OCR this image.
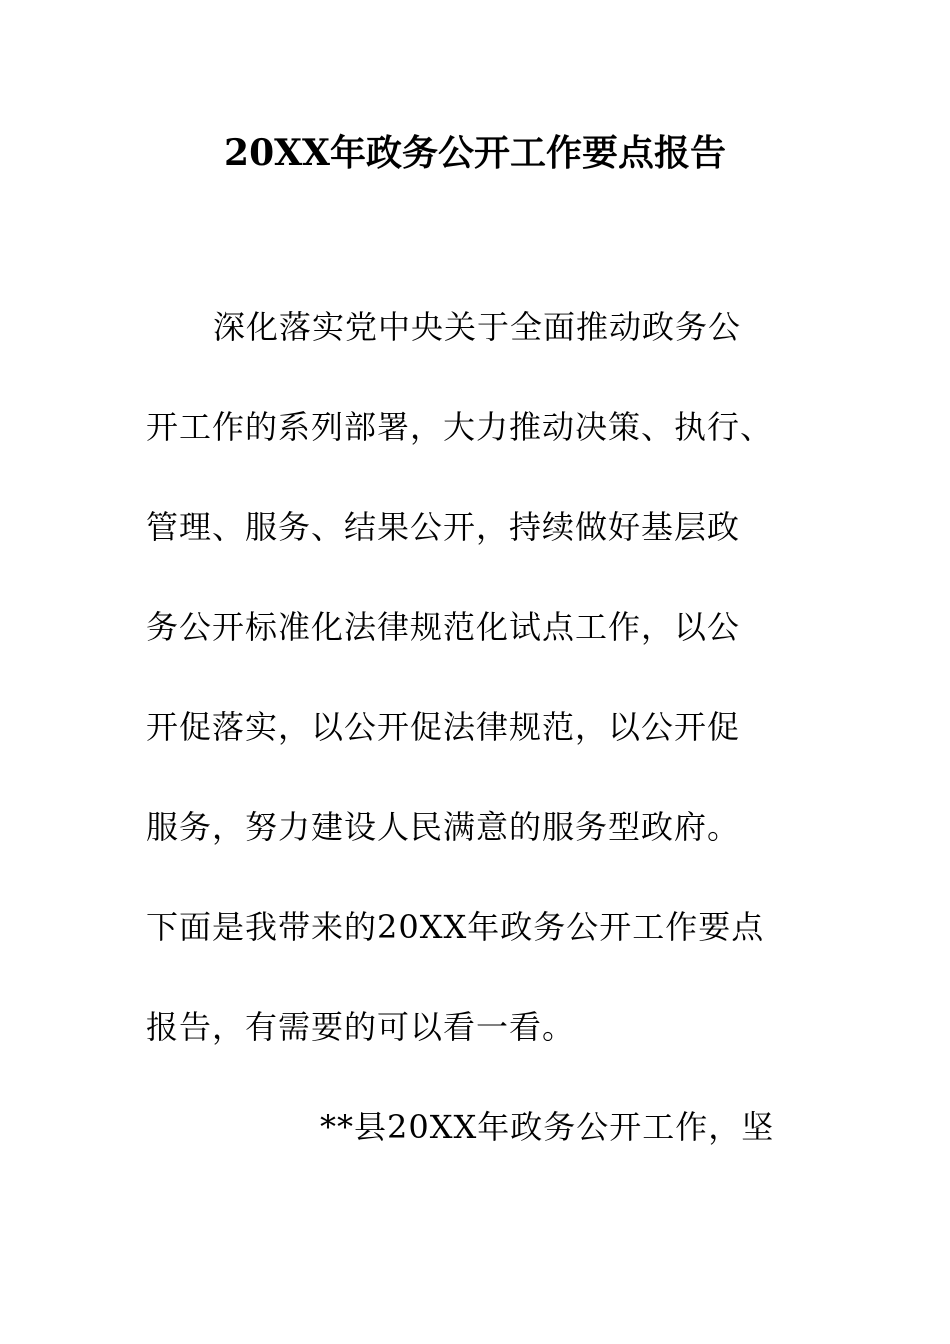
20XX年政务公开工作要点报告
深化落实党中央关于全面推动政务公
开工作的系列部署，大力推动决策、执行、
管理、服务、结果公开，持续做好基层政
务公开标准化法律规范化试点工作，以公
开促落实，以公开促法律规范，以公开促
服务，努力建设人民满意的服务型政府。
下面是我带来的20XX年政务公开工作要点
报告，有需要的可以看一看。
**县20XX年政务公开工作，坚
